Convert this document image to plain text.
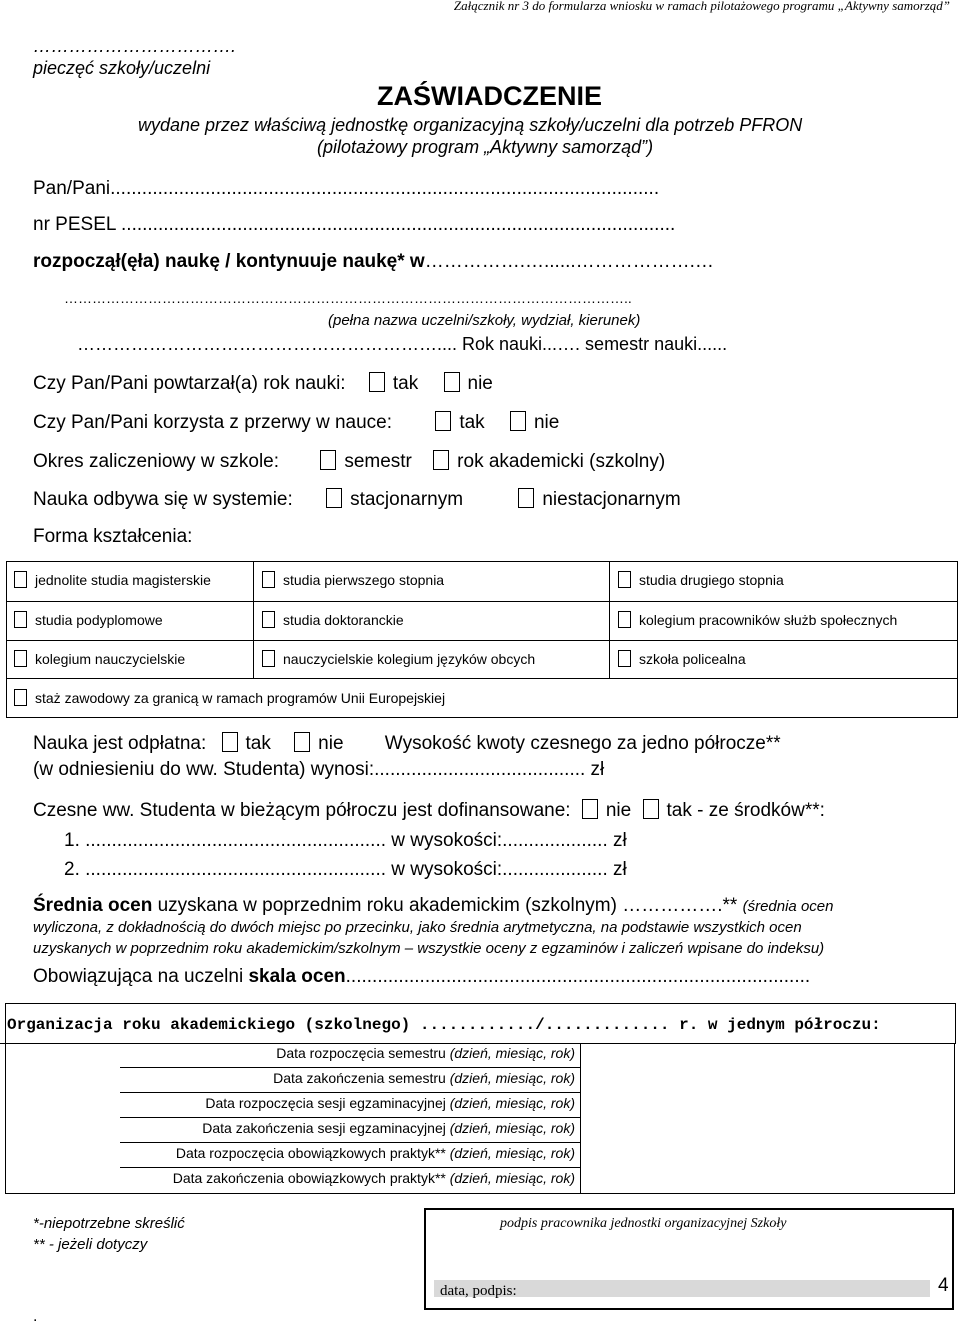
Załącznik nr 3 do formularza wniosku w ramach pilotażowego programu „Aktywny samorząd”
…………………………….
pieczęć szkoły/uczelni
ZAŚWIADCZENIE
wydane przez właściwą jednostkę organizacyjną szkoły/uczelni dla potrzeb PFRON
(pilotażowy program „Aktywny samorząd”)
Pan/Pani........................................................................................................
nr PESEL .........................................................................................................
rozpoczął(ęła) naukę / kontynuuje naukę* w…………….…......……………….…
…………………………………………………………………………………………………………..
(pełna nazwa uczelni/szkoły, wydział, kierunek)
…………………………………………………….... Rok nauki...…. semestr nauki......
Czy Pan/Pani powtarzał(a) rok nauki: tak	nie
Czy Pan/Pani korzysta z przerwy w nauce:	tak	nie
Okres zaliczeniowy w szkole:	semestr rok akademicki (szkolny)
Nauka odbywa się w systemie:	stacjonarnym	niestacjonarnym
Forma kształcenia:
jednolite studia magisterskie	studia pierwszego stopnia	studia drugiego stopnia
studia podyplomowe	studia doktoranckie	kolegium pracowników służb społecznych
kolegium nauczycielskie	nauczycielskie kolegium języków obcych	szkoła policealna
staż zawodowy za granicą w ramach programów Unii Europejskiej
Nauka jest odpłatna: tak nie Wysokość kwoty czesnego za jedno półrocze**
(w odniesieniu do ww. Studenta) wynosi:........................................ zł
Czesne ww. Studenta w bieżącym półroczu jest dofinansowane: nie tak - ze środków**:
1. ......................................................... w wysokości:.................... zł
2. ......................................................... w wysokości:.................... zł
Średnia ocen uzyskana w poprzednim roku akademickim (szkolnym) …………….** (średnia ocen
wyliczona, z dokładnością do dwóch miejsc po przecinku, jako średnia arytmetyczna, na podstawie wszystkich ocen
uzyskanych w poprzednim roku akademickim/szkolnym – wszystkie oceny z egzaminów i zaliczeń wpisane do indeksu)
Obowiązująca na uczelni skala ocen........................................................................................
Organizacja roku akademickiego (szkolnego) ............/............. r. w jednym półroczu:
Data rozpoczęcia semestru (dzień, miesiąc, rok)
Data zakończenia semestru (dzień, miesiąc, rok)
Data rozpoczęcia sesji egzaminacyjnej (dzień, miesiąc, rok)
Data zakończenia sesji egzaminacyjnej (dzień, miesiąc, rok)
Data rozpoczęcia obowiązkowych praktyk** (dzień, miesiąc, rok)
Data zakończenia obowiązkowych praktyk** (dzień, miesiąc, rok)
*-niepotrzebne skreślić
** - jeżeli dotyczy
podpis pracownika jednostki organizacyjnej Szkoły
data, podpis:	4
.
